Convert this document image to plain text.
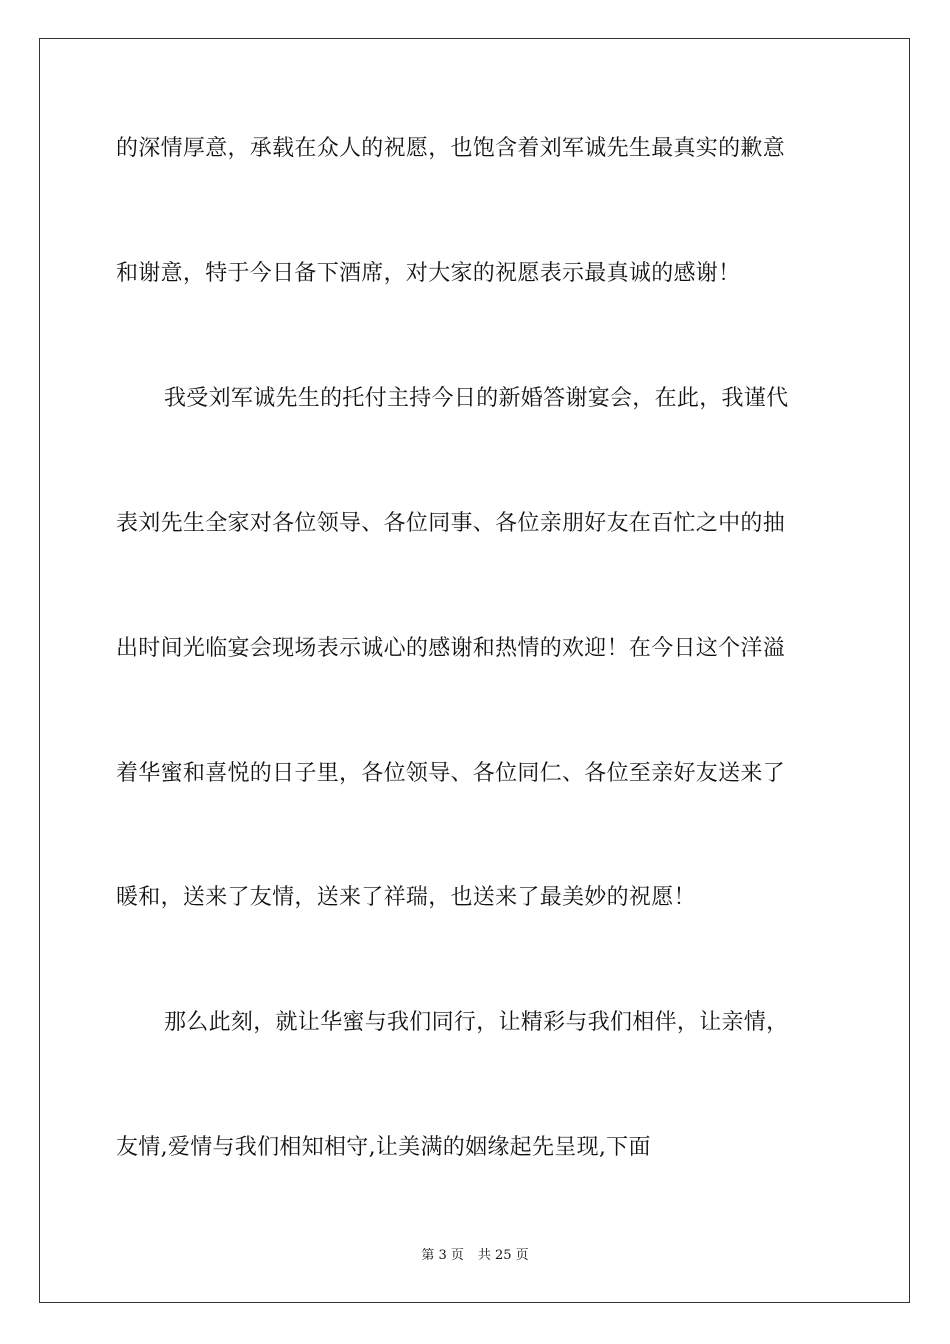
的深情厚意，承载在众人的祝愿，也饱含着刘军诚先生最真实的歉意
和谢意，特于今日备下酒席，对大家的祝愿表示最真诚的感谢！
我受刘军诚先生的托付主持今日的新婚答谢宴会，在此，我谨代
表刘先生全家对各位领导、各位同事、各位亲朋好友在百忙之中的抽
出时间光临宴会现场表示诚心的感谢和热情的欢迎！在今日这个洋溢
着华蜜和喜悦的日子里，各位领导、各位同仁、各位至亲好友送来了
暖和，送来了友情，送来了祥瑞，也送来了最美妙的祝愿！
那么此刻，就让华蜜与我们同行，让精彩与我们相伴，让亲情，
友情,爱情与我们相知相守,让美满的姻缘起先呈现,下面
第 3 页 共 25 页
